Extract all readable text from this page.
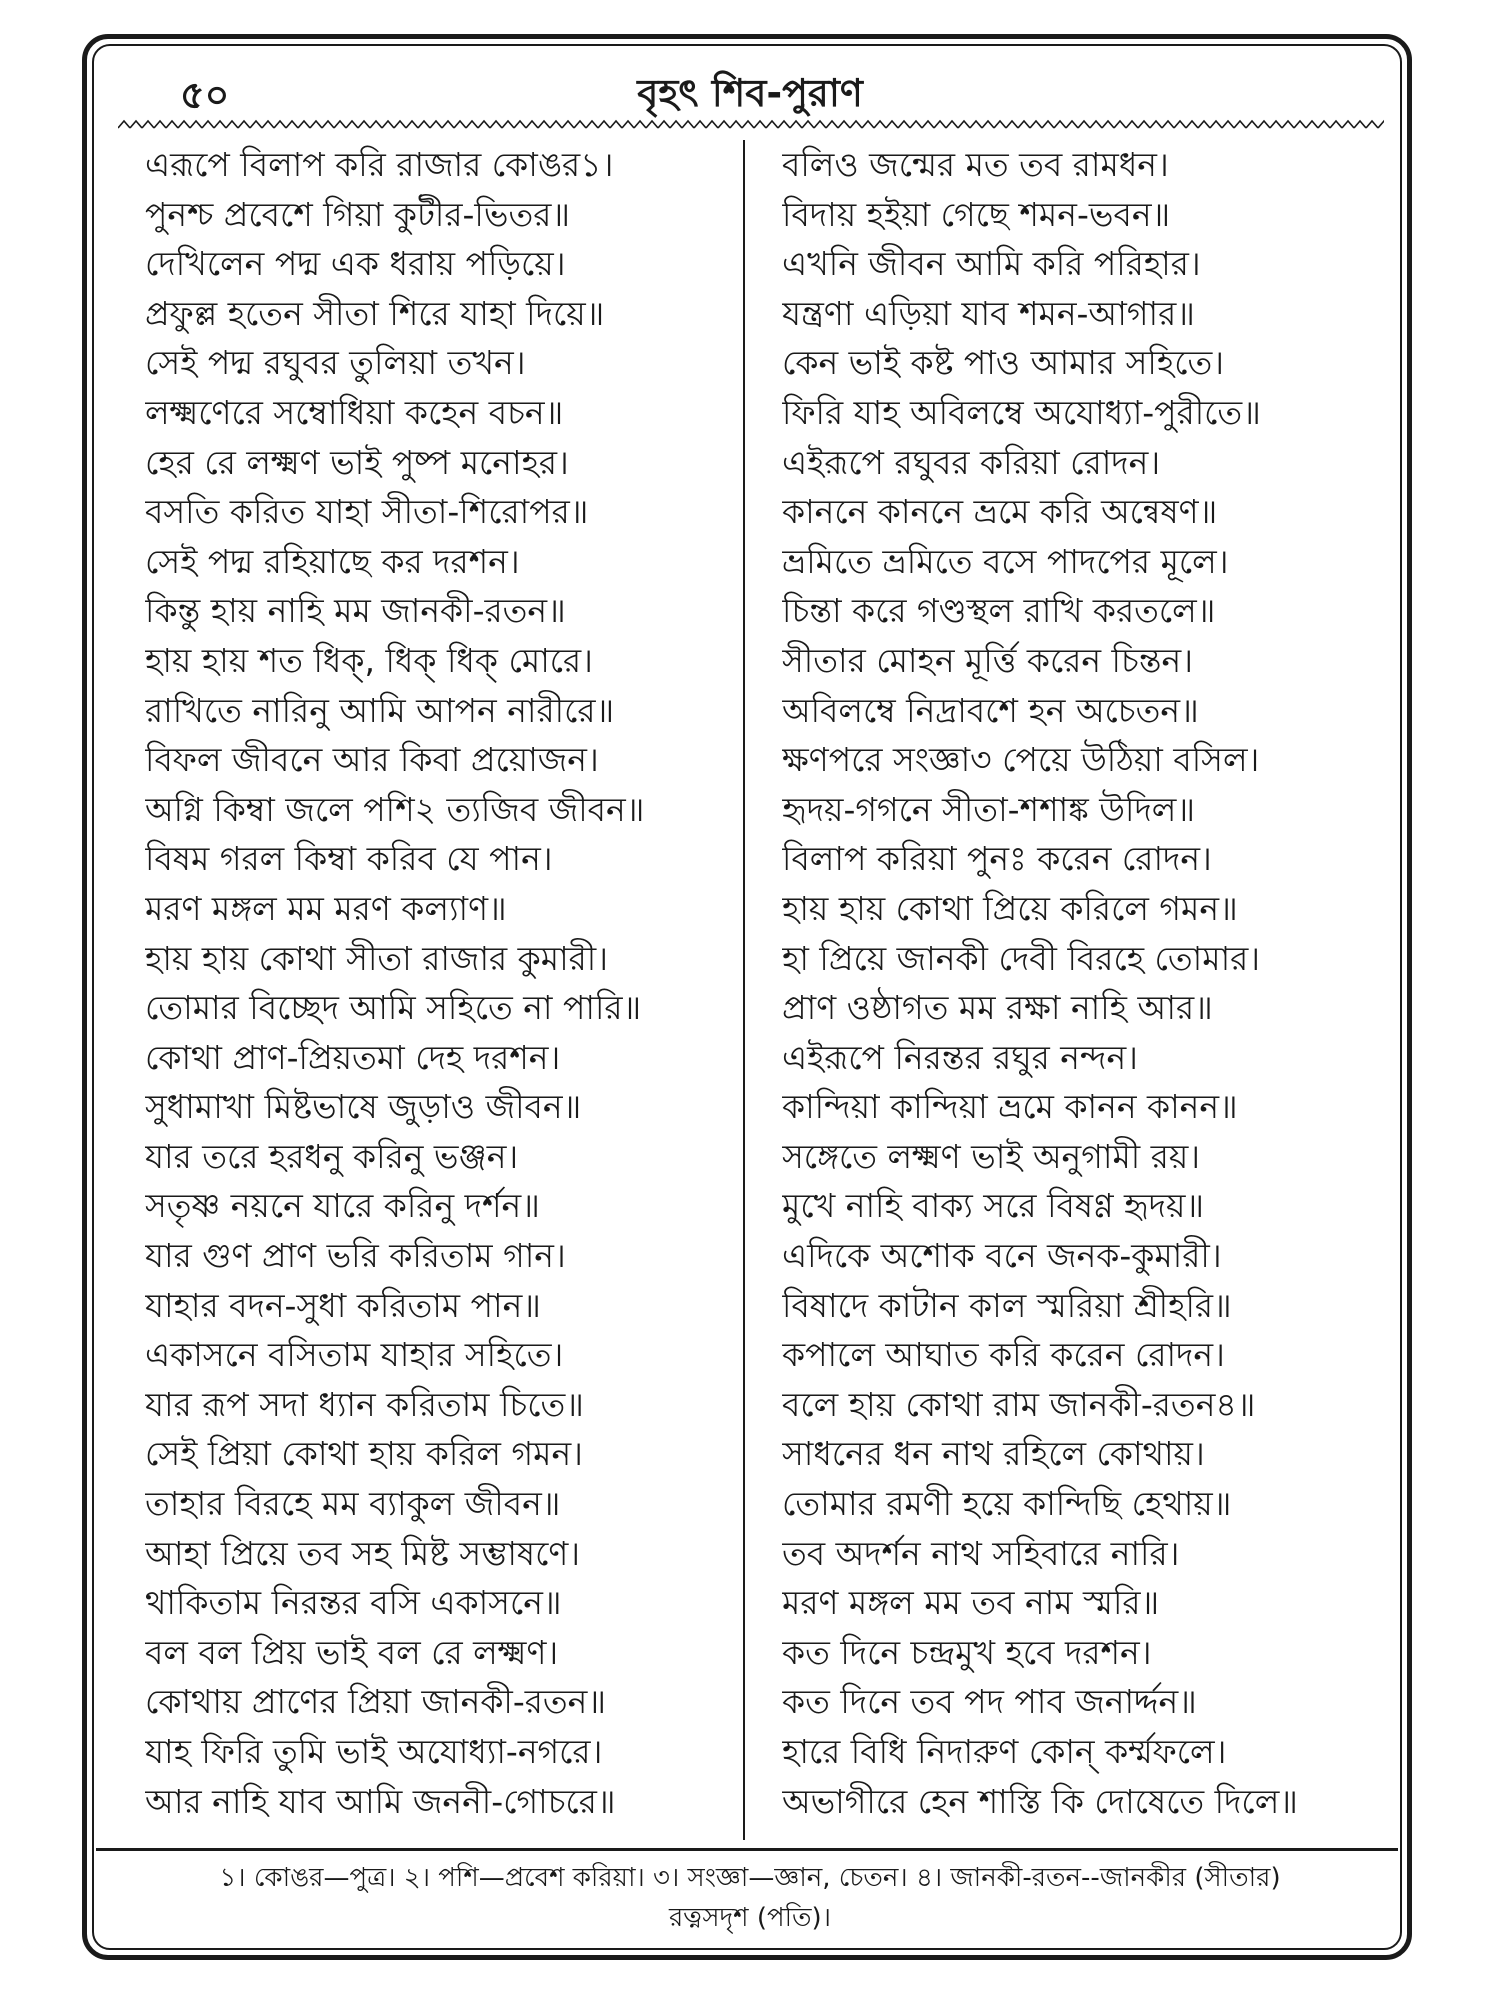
৫০	বৃহৎ শিব-পুরাণ
এরূপে বিলাপ করি রাজার কোঙর১।
পুনশ্চ প্রবেশে গিয়া কুটীর-ভিতর॥
দেখিলেন পদ্ম এক ধরায় পড়িয়ে।
প্রফুল্ল হতেন সীতা শিরে যাহা দিয়ে॥
সেই পদ্ম রঘুবর তুলিয়া তখন।
লক্ষ্মণেরে সম্বোধিয়া কহেন বচন॥
হের রে লক্ষ্মণ ভাই পুষ্প মনোহর।
বসতি করিত যাহা সীতা-শিরোপর॥
সেই পদ্ম রহিয়াছে কর দরশন।
কিন্তু হায় নাহি মম জানকী-রতন॥
হায় হায় শত ধিক্, ধিক্ ধিক্ মোরে।
রাখিতে নারিনু আমি আপন নারীরে॥
বিফল জীবনে আর কিবা প্রয়োজন।
অগ্নি কিম্বা জলে পশি২ ত্যজিব জীবন॥
বিষম গরল কিম্বা করিব যে পান।
মরণ মঙ্গল মম মরণ কল্যাণ॥
হায় হায় কোথা সীতা রাজার কুমারী।
তোমার বিচ্ছেদ আমি সহিতে না পারি॥
কোথা প্রাণ-প্রিয়তমা দেহ দরশন।
সুধামাখা মিষ্টভাষে জুড়াও জীবন॥
যার তরে হরধনু করিনু ভঞ্জন।
সতৃষ্ণ নয়নে যারে করিনু দর্শন॥
যার গুণ প্রাণ ভরি করিতাম গান।
যাহার বদন-সুধা করিতাম পান॥
একাসনে বসিতাম যাহার সহিতে।
যার রূপ সদা ধ্যান করিতাম চিতে॥
সেই প্রিয়া কোথা হায় করিল গমন।
তাহার বিরহে মম ব্যাকুল জীবন॥
আহা প্রিয়ে তব সহ মিষ্ট সম্ভাষণে।
থাকিতাম নিরন্তর বসি একাসনে॥
বল বল প্রিয় ভাই বল রে লক্ষ্মণ।
কোথায় প্রাণের প্রিয়া জানকী-রতন॥
যাহ ফিরি তুমি ভাই অযোধ্যা-নগরে।
আর নাহি যাব আমি জননী-গোচরে॥
বলিও জন্মের মত তব রামধন।
বিদায় হইয়া গেছে শমন-ভবন॥
এখনি জীবন আমি করি পরিহার।
যন্ত্রণা এড়িয়া যাব শমন-আগার॥
কেন ভাই কষ্ট পাও আমার সহিতে।
ফিরি যাহ অবিলম্বে অযোধ্যা-পুরীতে॥
এইরূপে রঘুবর করিয়া রোদন।
কাননে কাননে ভ্রমে করি অন্বেষণ॥
ভ্রমিতে ভ্রমিতে বসে পাদপের মূলে।
চিন্তা করে গণ্ডস্থল রাখি করতলে॥
সীতার মোহন মূর্ত্তি করেন চিন্তন।
অবিলম্বে নিদ্রাবশে হন অচেতন॥
ক্ষণপরে সংজ্ঞা৩ পেয়ে উঠিয়া বসিল।
হৃদয়-গগনে সীতা-শশাঙ্ক উদিল॥
বিলাপ করিয়া পুনঃ করেন রোদন।
হায় হায় কোথা প্রিয়ে করিলে গমন॥
হা প্রিয়ে জানকী দেবী বিরহে তোমার।
প্রাণ ওষ্ঠাগত মম রক্ষা নাহি আর॥
এইরূপে নিরন্তর রঘুর নন্দন।
কান্দিয়া কান্দিয়া ভ্রমে কানন কানন॥
সঙ্গেতে লক্ষ্মণ ভাই অনুগামী রয়।
মুখে নাহি বাক্য সরে বিষণ্ণ হৃদয়॥
এদিকে অশোক বনে জনক-কুমারী।
বিষাদে কাটান কাল স্মরিয়া শ্রীহরি॥
কপালে আঘাত করি করেন রোদন।
বলে হায় কোথা রাম জানকী-রতন৪॥
সাধনের ধন নাথ রহিলে কোথায়।
তোমার রমণী হয়ে কান্দিছি হেথায়॥
তব অদর্শন নাথ সহিবারে নারি।
মরণ মঙ্গল মম তব নাম স্মরি॥
কত দিনে চন্দ্রমুখ হবে দরশন।
কত দিনে তব পদ পাব জনার্দ্দন॥
হারে বিধি নিদারুণ কোন্ কর্ম্মফলে।
অভাগীরে হেন শাস্তি কি দোষেতে দিলে॥
১। কোঙর—পুত্র। ২। পশি—প্রবেশ করিয়া। ৩। সংজ্ঞা—জ্ঞান, চেতন। ৪। জানকী-রতন--জানকীর (সীতার)
রত্নসদৃশ (পতি)।
